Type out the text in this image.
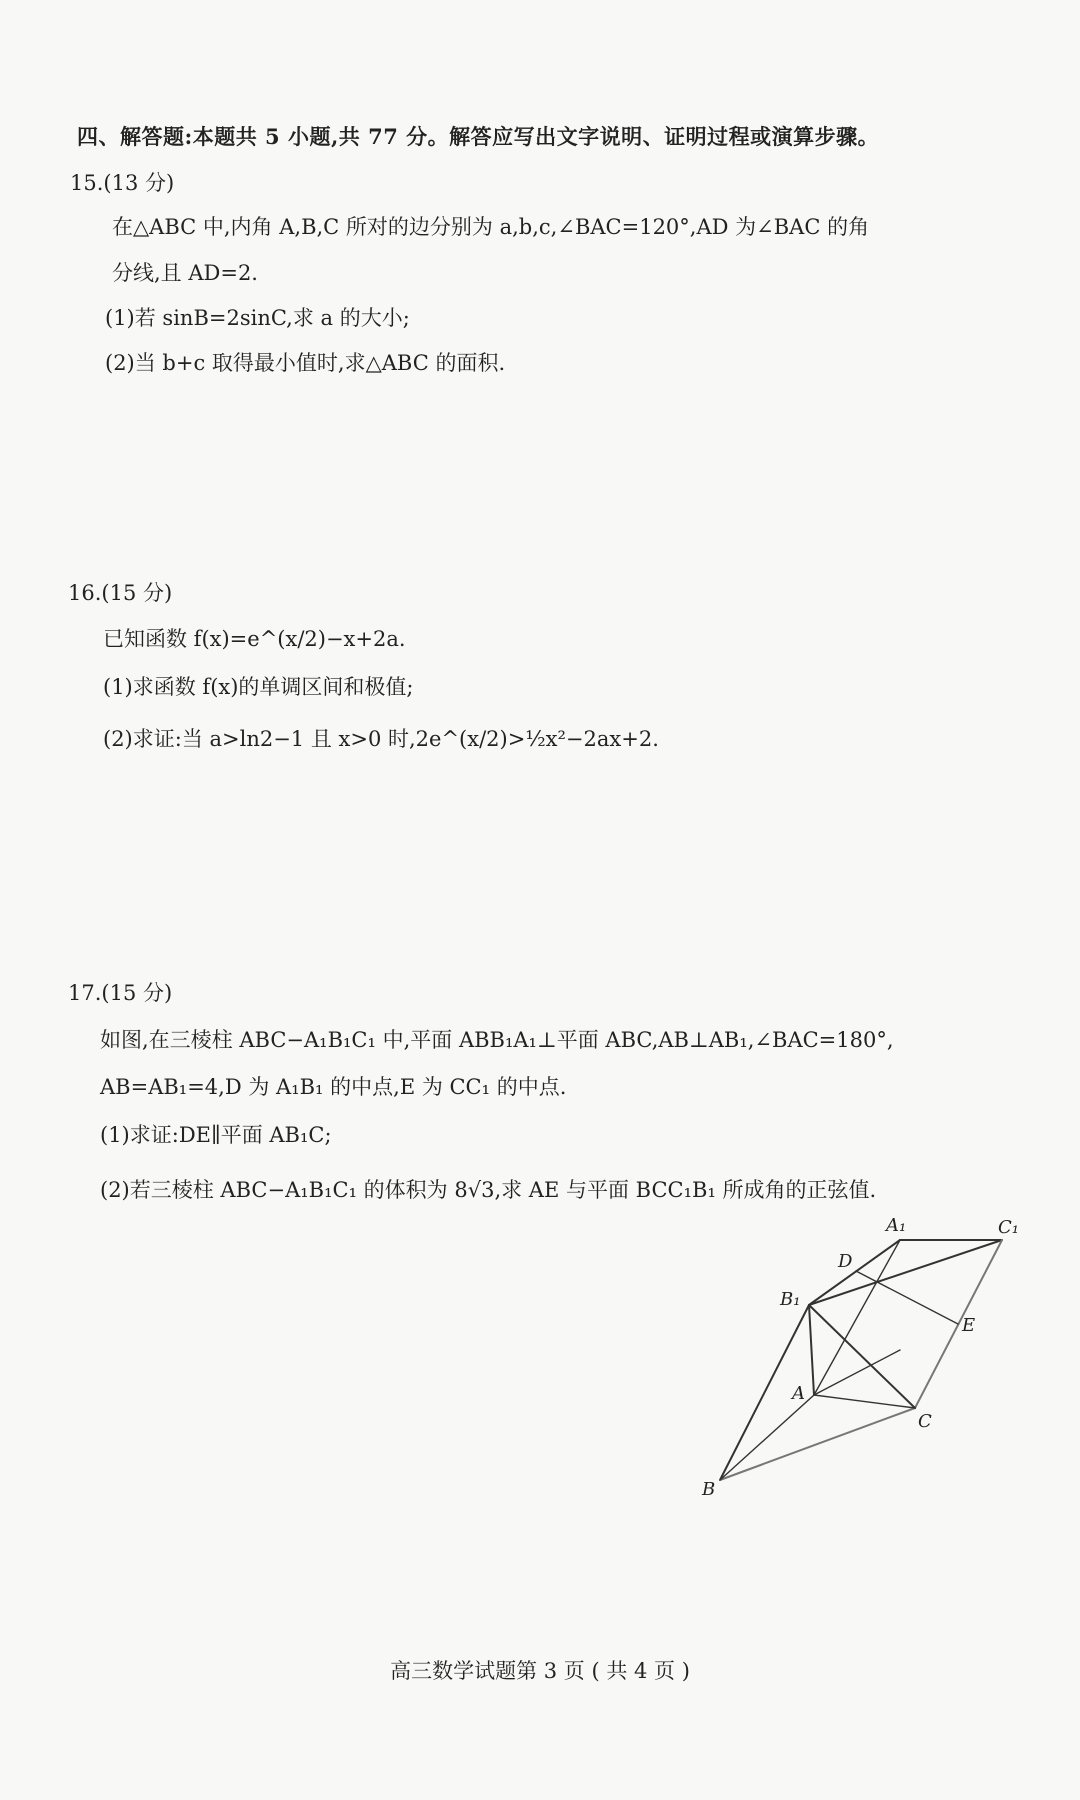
四、解答题:本题共 5 小题,共 77 分。解答应写出文字说明、证明过程或演算步骤。
15.(13 分)
在△ABC 中,内角 A,B,C 所对的边分别为 a,b,c,∠BAC=120°,AD 为∠BAC 的角
分线,且 AD=2.
(1)若 sinB=2sinC,求 a 的大小;
(2)当 b+c 取得最小值时,求△ABC 的面积.
16.(15 分)
已知函数 f(x)=e^(x/2)−x+2a.
(1)求函数 f(x)的单调区间和极值;
(2)求证:当 a>ln2−1 且 x>0 时,2e^(x/2)>½x²−2ax+2.
17.(15 分)
如图,在三棱柱 ABC−A₁B₁C₁ 中,平面 ABB₁A₁⊥平面 ABC,AB⊥AB₁,∠BAC=180°,
AB=AB₁=4,D 为 A₁B₁ 的中点,E 为 CC₁ 的中点.
(1)求证:DE∥平面 AB₁C;
(2)若三棱柱 ABC−A₁B₁C₁ 的体积为 8√3,求 AE 与平面 BCC₁B₁ 所成角的正弦值.
A₁	C₁
D
B₁
E
A
C
B
高三数学试题第 3 页 ( 共 4 页 )
